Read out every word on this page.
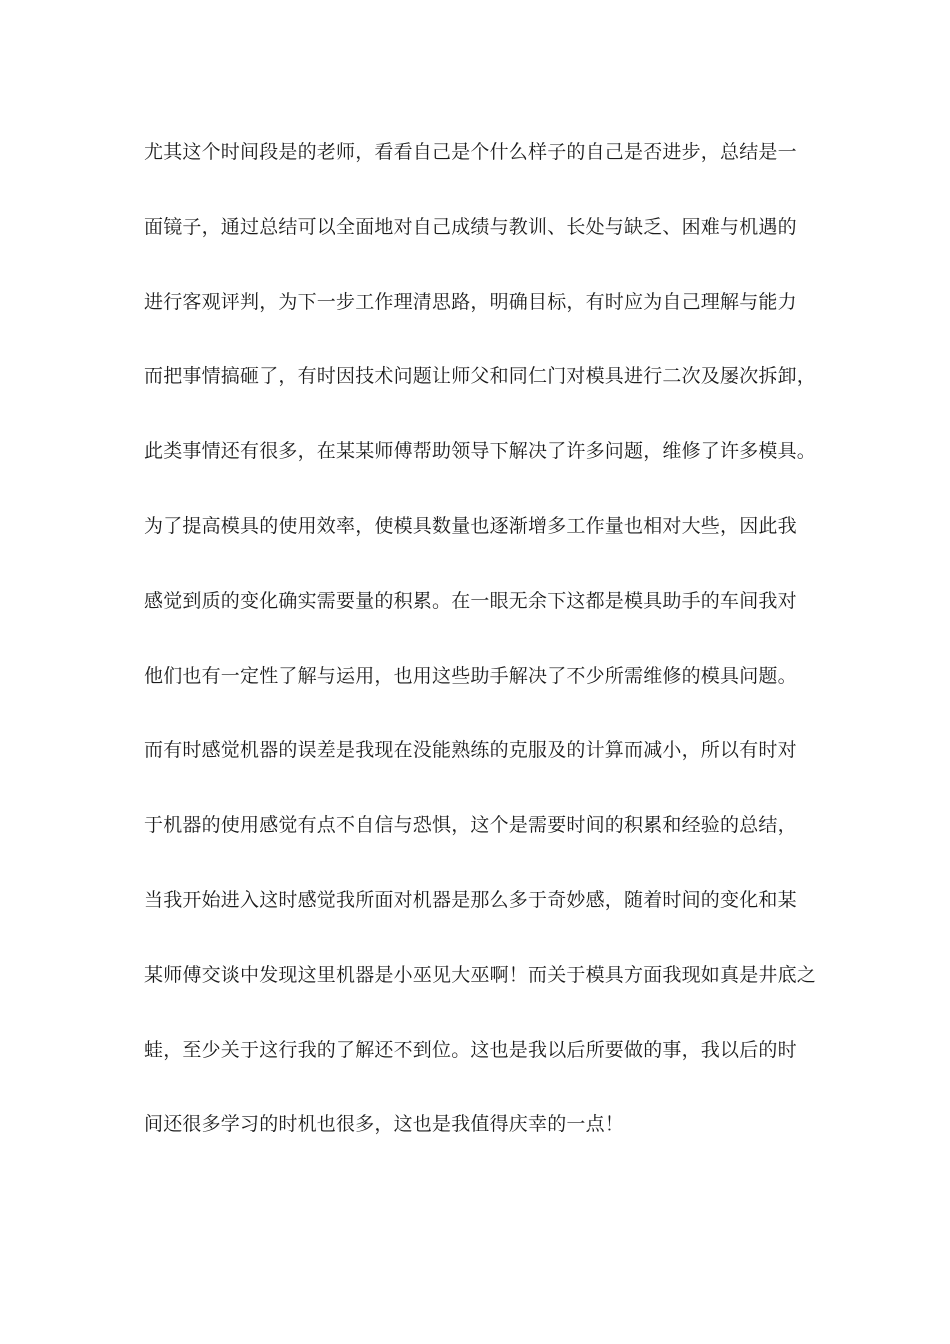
尤其这个时间段是的老师，看看自己是个什么样子的自己是否进步，总结是一
面镜子，通过总结可以全面地对自己成绩与教训、长处与缺乏、困难与机遇的
进行客观评判，为下一步工作理清思路，明确目标，有时应为自己理解与能力
而把事情搞砸了，有时因技术问题让师父和同仁门对模具进行二次及屡次拆卸，
此类事情还有很多，在某某师傅帮助领导下解决了许多问题，维修了许多模具。
为了提高模具的使用效率，使模具数量也逐渐增多工作量也相对大些，因此我
感觉到质的变化确实需要量的积累。在一眼无余下这都是模具助手的车间我对
他们也有一定性了解与运用，也用这些助手解决了不少所需维修的模具问题。
而有时感觉机器的误差是我现在没能熟练的克服及的计算而减小，所以有时对
于机器的使用感觉有点不自信与恐惧，这个是需要时间的积累和经验的总结，
当我开始进入这时感觉我所面对机器是那么多于奇妙感，随着时间的变化和某
某师傅交谈中发现这里机器是小巫见大巫啊！而关于模具方面我现如真是井底之
蛙，至少关于这行我的了解还不到位。这也是我以后所要做的事，我以后的时
间还很多学习的时机也很多，这也是我值得庆幸的一点！
